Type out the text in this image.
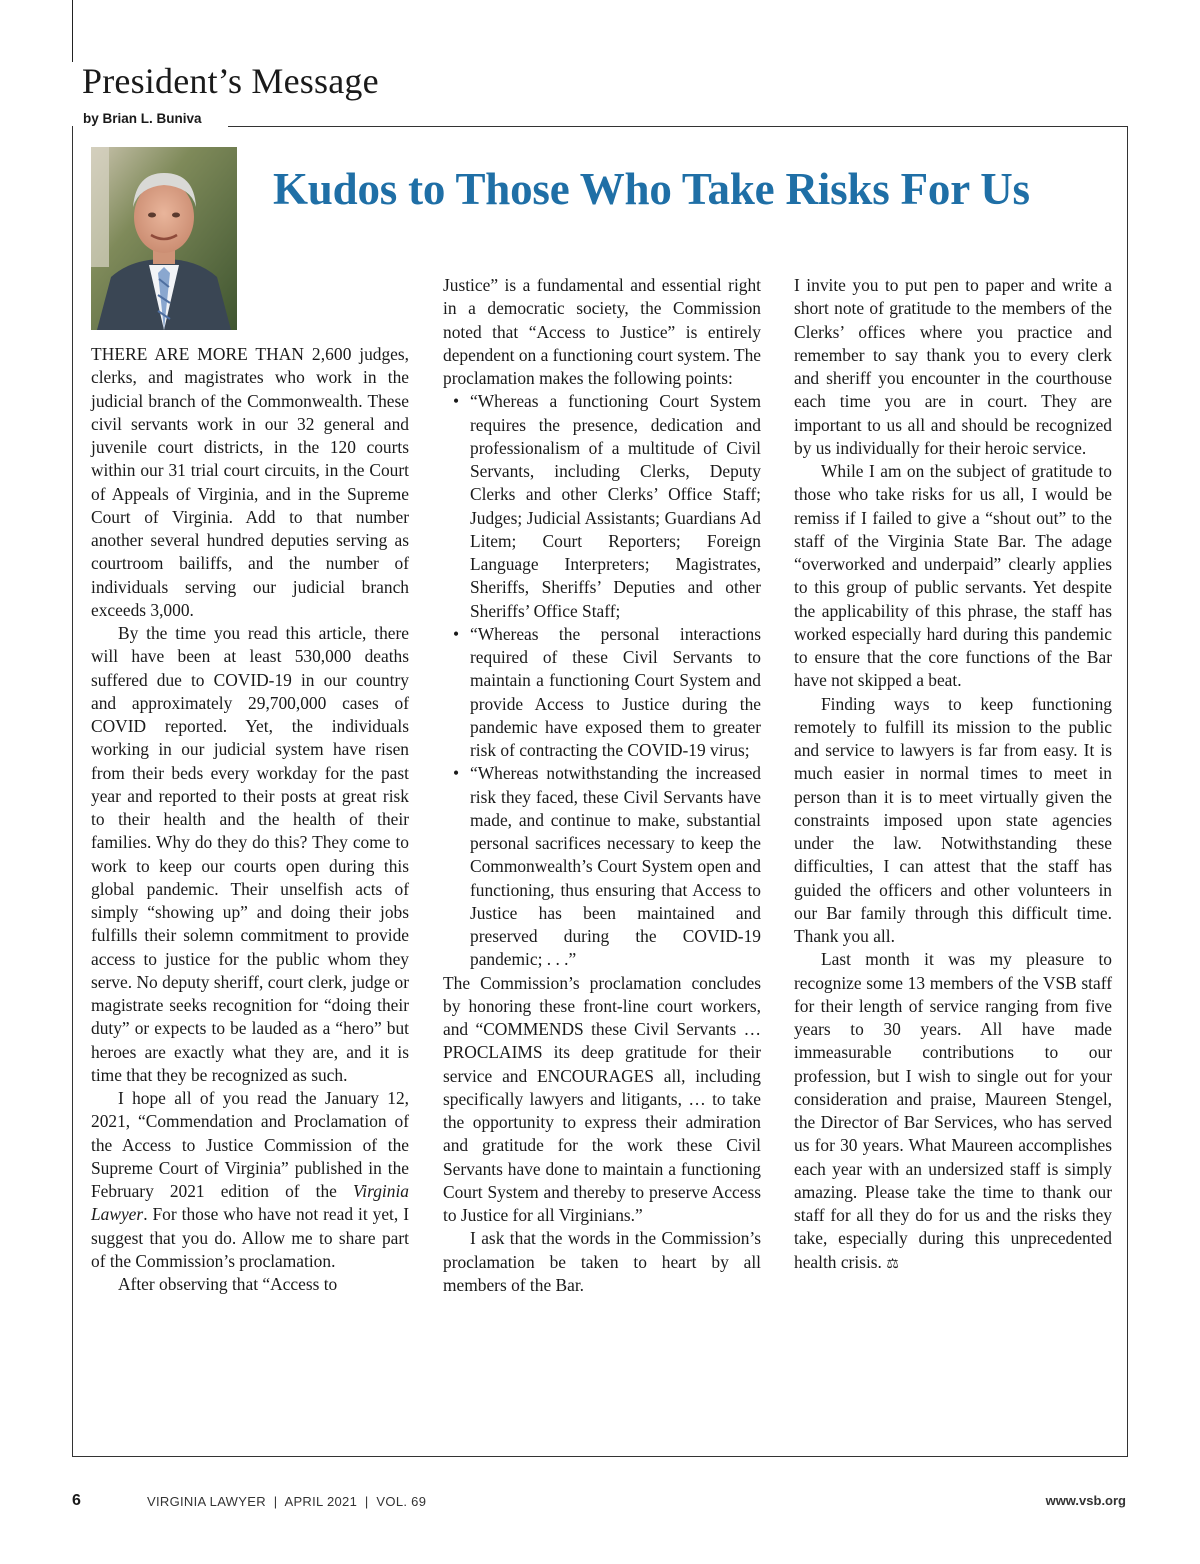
President’s Message
by Brian L. Buniva
Kudos to Those Who Take Risks For Us

THERE ARE MORE THAN 2,600 judges, clerks, and magistrates who work in the judicial branch of the Commonwealth. These civil servants work in our 32 general and juvenile court districts, in the 120 courts within our 31 trial court circuits, in the Court of Appeals of Virginia, and in the Supreme Court of Virginia. Add to that number another several hundred deputies serving as courtroom bailiffs, and the number of individuals serving our judicial branch exceeds 3,000.

By the time you read this article, there will have been at least 530,000 deaths suffered due to COVID-19 in our country and approximately 29,700,000 cases of COVID reported. Yet, the individuals working in our judicial system have risen from their beds every workday for the past year and reported to their posts at great risk to their health and the health of their families. Why do they do this? They come to work to keep our courts open during this global pandemic. Their unselfish acts of simply “showing up” and doing their jobs fulfills their solemn commitment to provide access to justice for the public whom they serve. No deputy sheriff, court clerk, judge or magistrate seeks recognition for “doing their duty” or expects to be lauded as a “hero” but heroes are exactly what they are, and it is time that they be recognized as such.

I hope all of you read the January 12, 2021, “Commendation and Proclamation of the Access to Justice Commission of the Supreme Court of Virginia” published in the February 2021 edition of the Virginia Lawyer. For those who have not read it yet, I suggest that you do. Allow me to share part of the Commission’s proclamation.

After observing that “Access to

Justice” is a fundamental and essential right in a democratic society, the Commission noted that “Access to Justice” is entirely dependent on a functioning court system. The proclamation makes the following points:

• “Whereas a functioning Court System requires the presence, dedication and professionalism of a multitude of Civil Servants, including Clerks, Deputy Clerks and other Clerks’ Office Staff; Judges; Judicial Assistants; Guardians Ad Litem; Court Reporters; Foreign Language Interpreters; Magistrates, Sheriffs, Sheriffs’ Deputies and other Sheriffs’ Office Staff;
• “Whereas the personal interactions required of these Civil Servants to maintain a functioning Court System and provide Access to Justice during the pandemic have exposed them to greater risk of contracting the COVID-19 virus;
• “Whereas notwithstanding the increased risk they faced, these Civil Servants have made, and continue to make, substantial personal sacrifices necessary to keep the Commonwealth’s Court System open and functioning, thus ensuring that Access to Justice has been maintained and preserved during the COVID-19 pandemic; . . .”

The Commission’s proclamation concludes by honoring these front-line court workers, and “COMMENDS these Civil Servants … PROCLAIMS its deep gratitude for their service and ENCOURAGES all, including specifically lawyers and litigants, … to take the opportunity to express their admiration and gratitude for the work these Civil Servants have done to maintain a functioning Court System and thereby to preserve Access to Justice for all Virginians.”

I ask that the words in the Commission’s proclamation be taken to heart by all members of the Bar.

I invite you to put pen to paper and write a short note of gratitude to the members of the Clerks’ offices where you practice and remember to say thank you to every clerk and sheriff you encounter in the courthouse each time you are in court. They are important to us all and should be recognized by us individually for their heroic service.

While I am on the subject of gratitude to those who take risks for us all, I would be remiss if I failed to give a “shout out” to the staff of the Virginia State Bar. The adage “overworked and underpaid” clearly applies to this group of public servants. Yet despite the applicability of this phrase, the staff has worked especially hard during this pandemic to ensure that the core functions of the Bar have not skipped a beat.

Finding ways to keep functioning remotely to fulfill its mission to the public and service to lawyers is far from easy. It is much easier in normal times to meet in person than it is to meet virtually given the constraints imposed upon state agencies under the law. Notwithstanding these difficulties, I can attest that the staff has guided the officers and other volunteers in our Bar family through this difficult time. Thank you all.

Last month it was my pleasure to recognize some 13 members of the VSB staff for their length of service ranging from five years to 30 years. All have made immeasurable contributions to our profession, but I wish to single out for your consideration and praise, Maureen Stengel, the Director of Bar Services, who has served us for 30 years. What Maureen accomplishes each year with an undersized staff is simply amazing. Please take the time to thank our staff for all they do for us and the risks they take, especially during this unprecedented health crisis. ⚖

6	VIRGINIA LAWYER  |  APRIL 2021  |  VOL. 69	www.vsb.org
